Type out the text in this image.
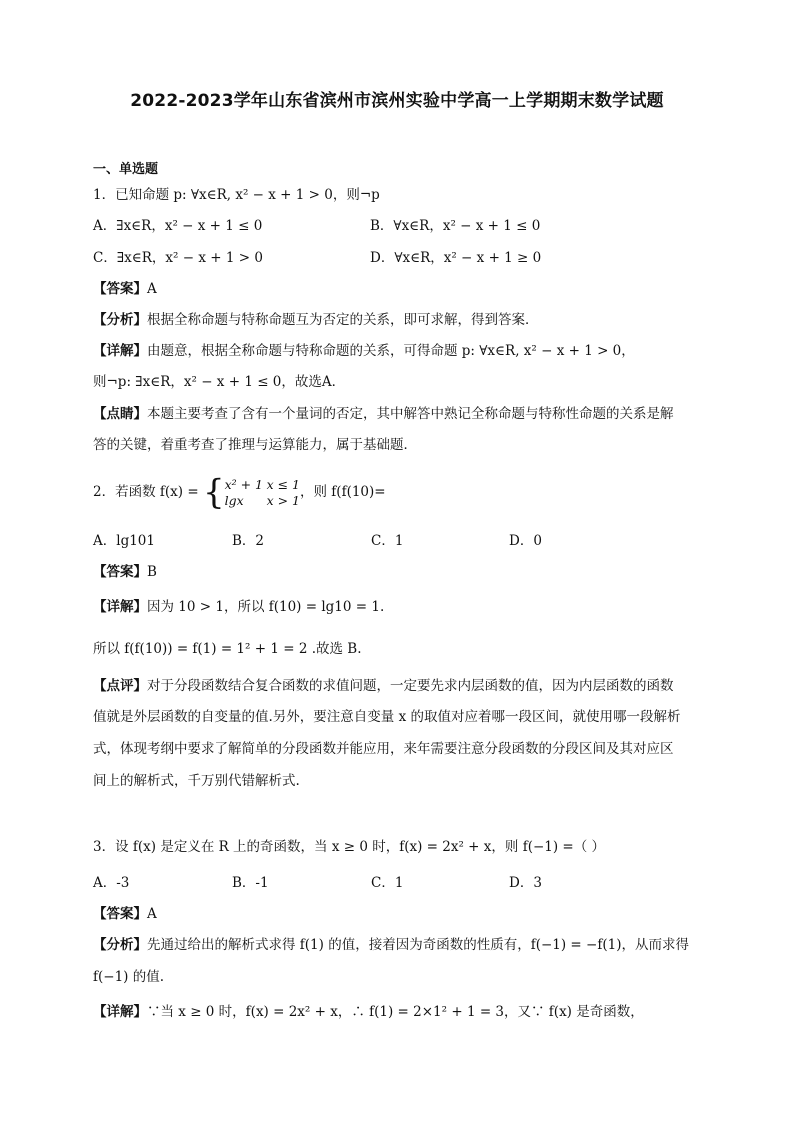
2022-2023学年山东省滨州市滨州实验中学高一上学期期末数学试题
一、单选题
1．已知命题 p: ∀x∈R, x² − x + 1 > 0，则¬p
A．∃x∈R，x² − x + 1 ≤ 0	B．∀x∈R，x² − x + 1 ≤ 0
C．∃x∈R，x² − x + 1 > 0	D．∀x∈R，x² − x + 1 ≥ 0
【答案】A
【分析】根据全称命题与特称命题互为否定的关系，即可求解，得到答案．
【详解】由题意，根据全称命题与特称命题的关系，可得命题 p: ∀x∈R, x² − x + 1 > 0，
则¬p: ∃x∈R，x² − x + 1 ≤ 0，故选A．
【点睛】本题主要考查了含有一个量词的否定，其中解答中熟记全称命题与特称性命题的关系是解
答的关键，着重考查了推理与运算能力，属于基础题．
2．若函数 f(x) = {x² + 1 x ≤ 1
lgx x > 1，则 f(f(10)=
A．lg101	B．2	C．1	D．0
【答案】B
【详解】因为 10 > 1，所以 f(10) = lg10 = 1.
所以 f(f(10)) = f(1) = 1² + 1 = 2 .故选 B.
【点评】对于分段函数结合复合函数的求值问题，一定要先求内层函数的值，因为内层函数的函数
值就是外层函数的自变量的值.另外，要注意自变量 x 的取值对应着哪一段区间，就使用哪一段解析
式，体现考纲中要求了解简单的分段函数并能应用，来年需要注意分段函数的分段区间及其对应区
间上的解析式，千万别代错解析式.
3．设 f(x) 是定义在 R 上的奇函数，当 x ≥ 0 时，f(x) = 2x² + x，则 f(−1) =（ ）
A．-3	B．-1	C．1	D．3
【答案】A
【分析】先通过给出的解析式求得 f(1) 的值，接着因为奇函数的性质有，f(−1) = −f(1)，从而求得
f(−1) 的值.
【详解】∵当 x ≥ 0 时，f(x) = 2x² + x，∴ f(1) = 2×1² + 1 = 3，又∵ f(x) 是奇函数，
